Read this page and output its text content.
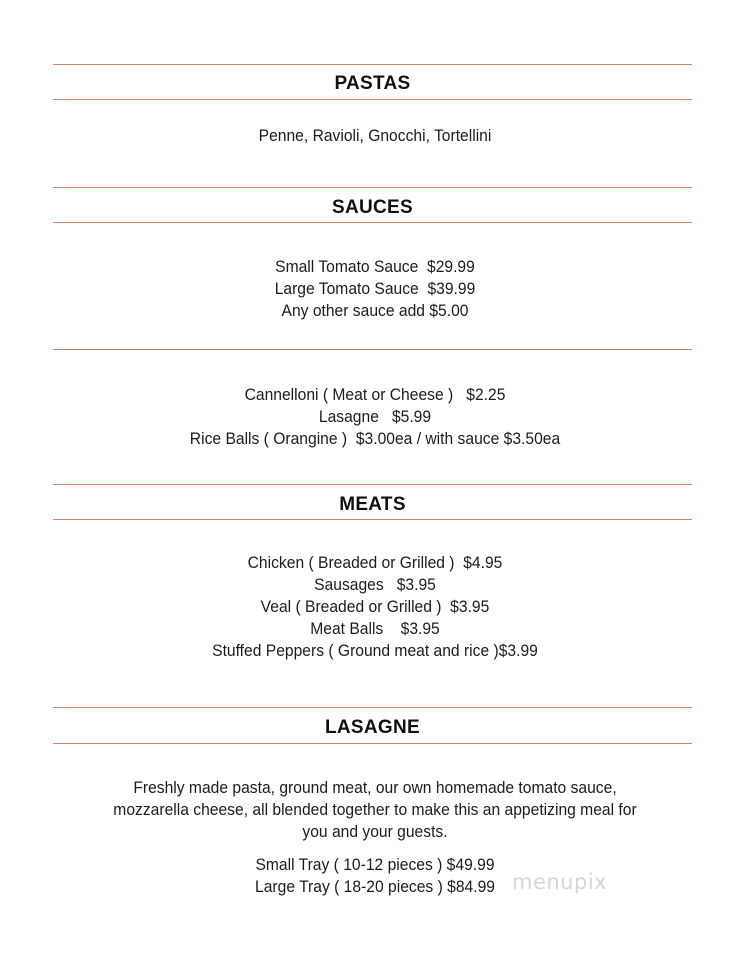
PASTAS
Penne, Ravioli, Gnocchi, Tortellini
SAUCES
Small Tomato Sauce  $29.99
Large Tomato Sauce  $39.99
Any other sauce add $5.00
Cannelloni ( Meat or Cheese )   $2.25
Lasagne   $5.99
Rice Balls ( Orangine )  $3.00ea / with sauce $3.50ea
MEATS
Chicken ( Breaded or Grilled )  $4.95
Sausages   $3.95
Veal ( Breaded or Grilled )  $3.95
Meat Balls    $3.95
Stuffed Peppers ( Ground meat and rice )$3.99
LASAGNE
Freshly made pasta, ground meat, our own homemade tomato sauce,
mozzarella cheese, all blended together to make this an appetizing meal for
you and your guests.
Small Tray ( 10-12 pieces ) $49.99
Large Tray ( 18-20 pieces ) $84.99 menupix
